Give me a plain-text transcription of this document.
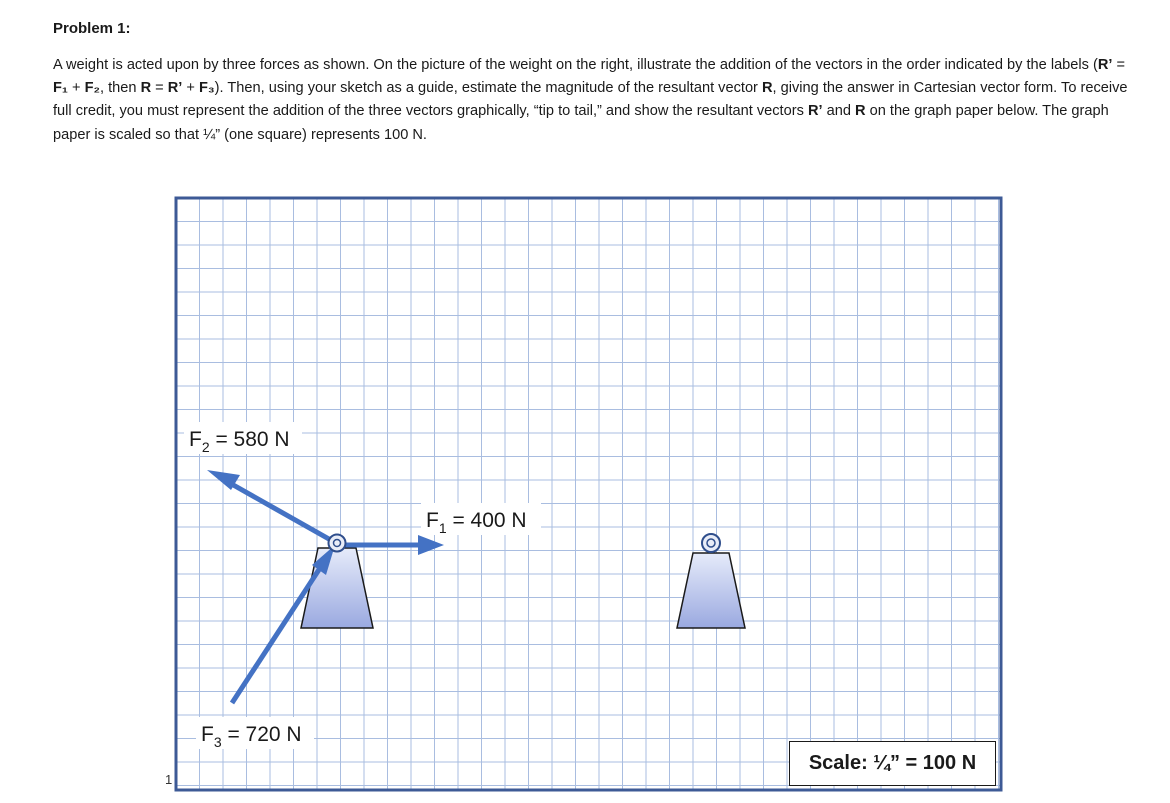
Problem 1:
A weight is acted upon by three forces as shown. On the picture of the weight on the right, illustrate the addition of the vectors in the order indicated by the labels (R’ = F₁ + F₂, then R = R’ + F₃). Then, using your sketch as a guide, estimate the magnitude of the resultant vector R, giving the answer in Cartesian vector form. To receive full credit, you must represent the addition of the three vectors graphically, “tip to tail,” and show the resultant vectors R’ and R on the graph paper below. The graph paper is scaled so that ¼” (one square) represents 100 N.
$F_2 = 580$ N
$F_1 = 400$ N
$F_3 = 720$ N
Scale: ¼” = 100 N
1
